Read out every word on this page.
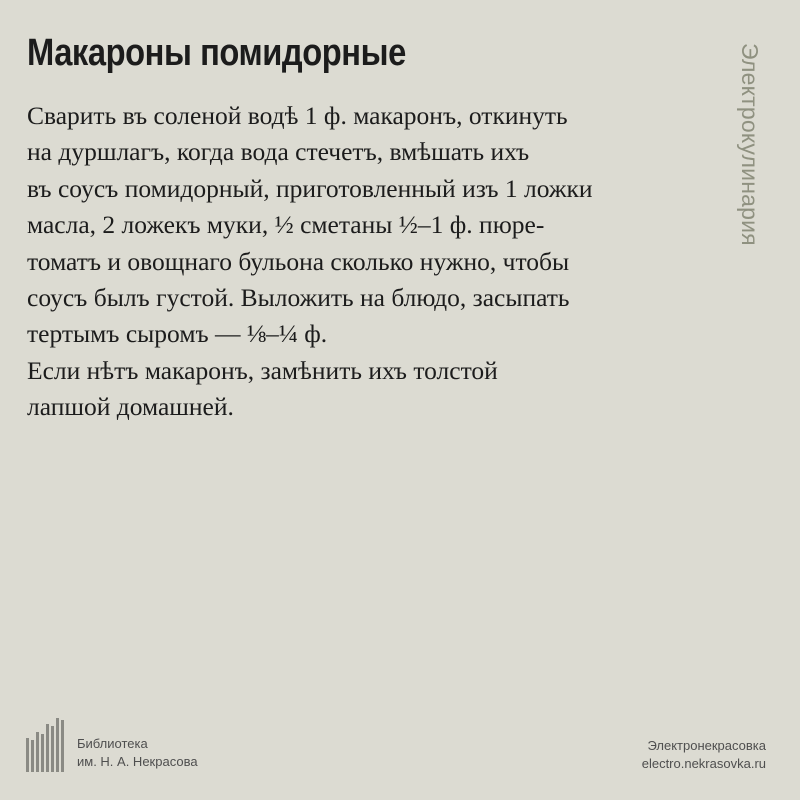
Макароны помидорные
Сварить въ соленой водѣ 1 ф. макаронъ, откинуть
на дуршлагъ, когда вода стечетъ, вмѣшать ихъ
въ соусъ помидорный, приготовленный изъ 1 ложки
масла, 2 ложекъ муки, ½ сметаны ½–1 ф. пюре-
томатъ и овощнаго бульона сколько нужно, чтобы
соусъ былъ густой. Выложить на блюдо, засыпать
тертымъ сыромъ — ⅛–¼ ф.
Если нѣтъ макаронъ, замѣнить ихъ толстой
лапшой домашней.
Электрокулинария
Библиотека
им. Н. А. Некрасова
Электронекрасовка
electro.nekrasovka.ru
